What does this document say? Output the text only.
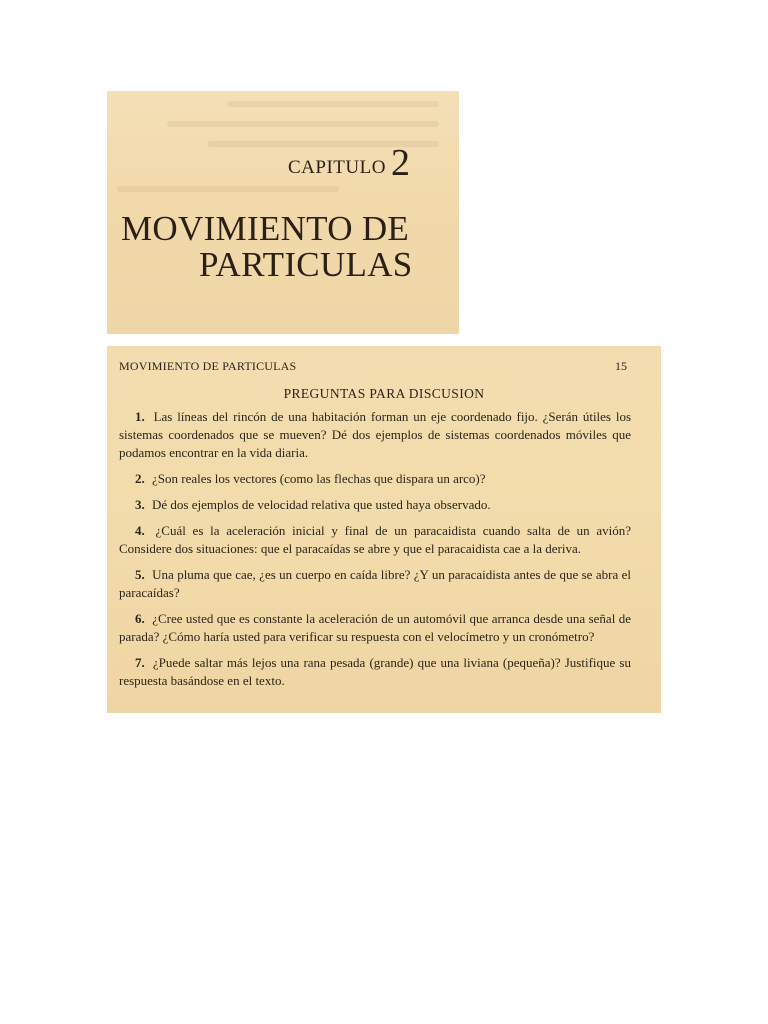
CAPITULO 2
MOVIMIENTO DE
PARTICULAS
MOVIMIENTO DE PARTICULAS	15
PREGUNTAS PARA DISCUSION

1. Las líneas del rincón de una habitación forman un eje coordenado fijo. ¿Serán útiles los sistemas coordenados que se mueven? Dé dos ejemplos de sistemas coordenados móviles que podamos encontrar en la vida diaria.

2. ¿Son reales los vectores (como las flechas que dispara un arco)?

3. Dé dos ejemplos de velocidad relativa que usted haya observado.

4. ¿Cuál es la aceleración inicial y final de un paracaidista cuando salta de un avión? Considere dos situaciones: que el paracaídas se abre y que el paracaidista cae a la deriva.

5. Una pluma que cae, ¿es un cuerpo en caída libre? ¿Y un paracaidista antes de que se abra el paracaídas?

6. ¿Cree usted que es constante la aceleración de un automóvil que arranca desde una señal de parada? ¿Cómo haría usted para verificar su respuesta con el velocímetro y un cronómetro?

7. ¿Puede saltar más lejos una rana pesada (grande) que una liviana (pequeña)? Justifique su respuesta basándose en el texto.
